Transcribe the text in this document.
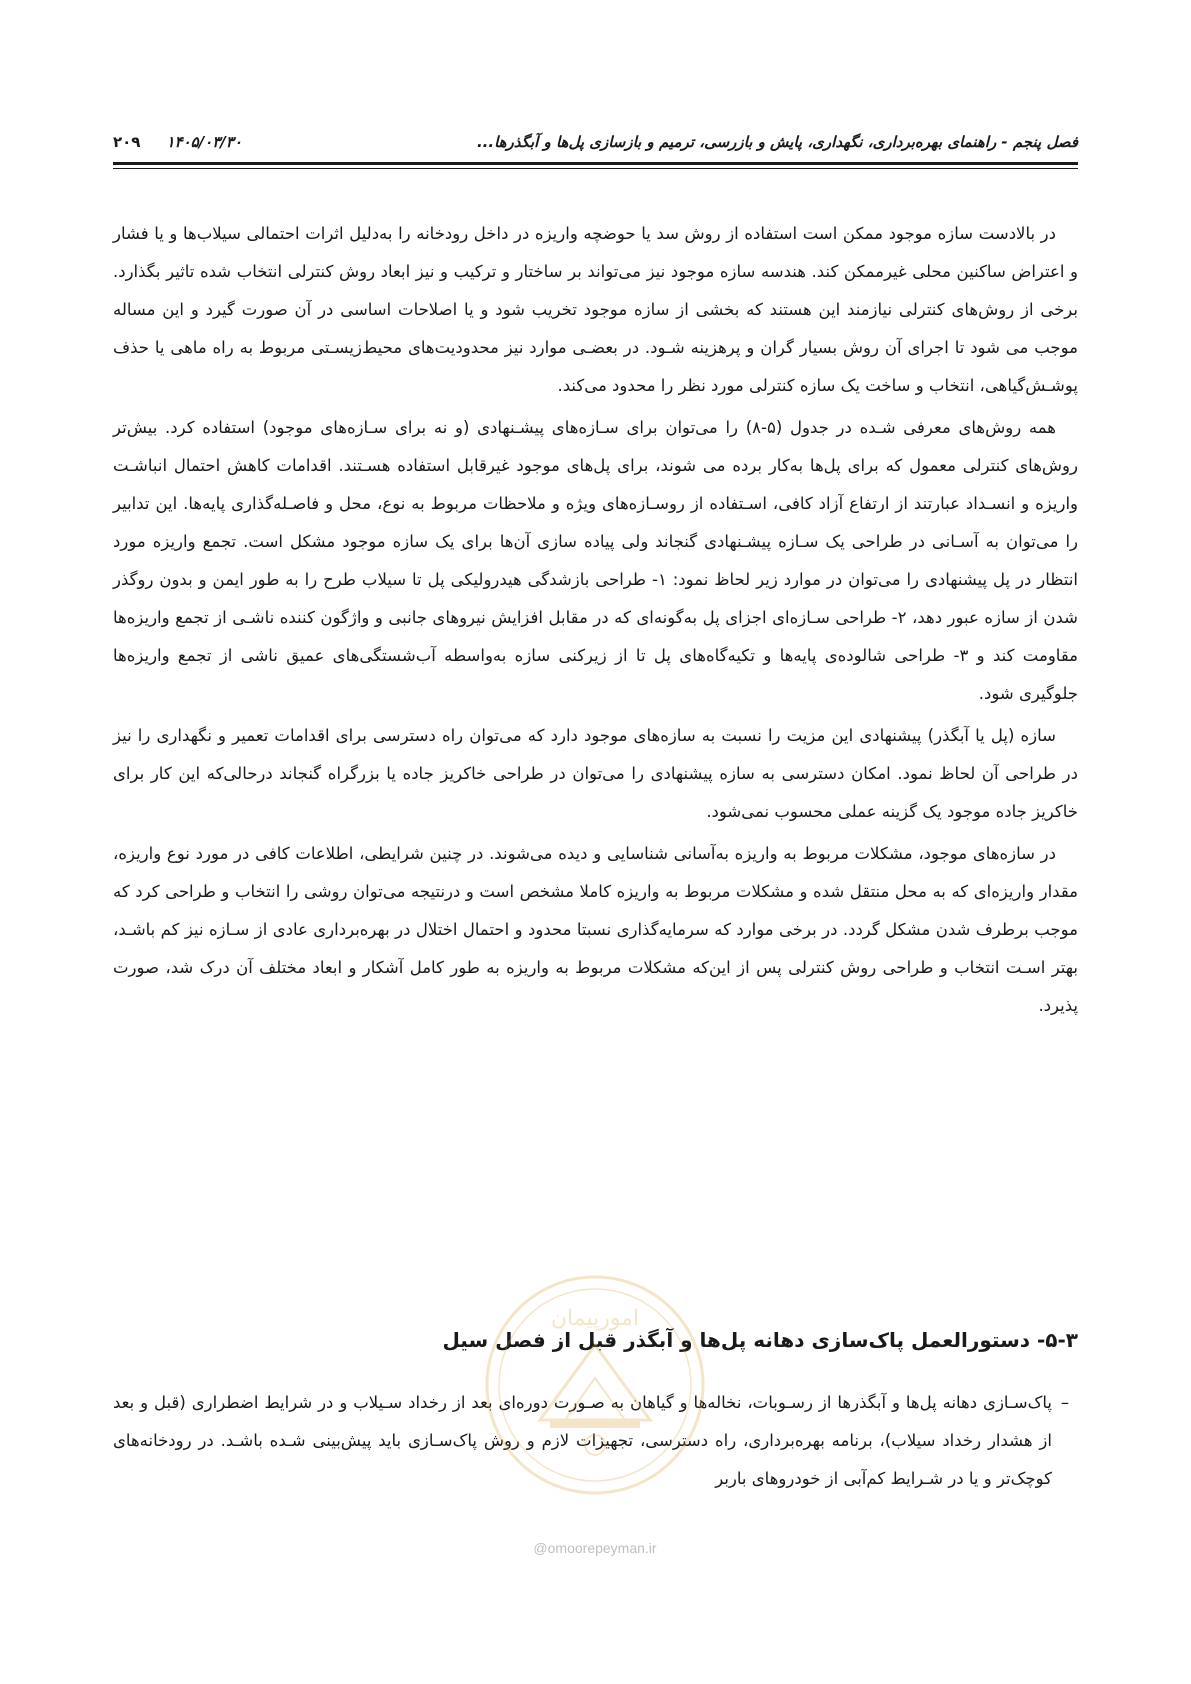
فصل پنجم - راهنمای بهره‌برداری، نگهداری، پایش و بازرسی، ترمیم و بازسازی پل‌ها و آبگذرها...
۱۴۰۵/۰۳/۳۰
۲۰۹

در بالادست سازه موجود ممکن است استفاده از روش سد یا حوضچه واریزه در داخل رودخانه را به‌دلیل اثرات احتمالی سیلاب‌ها و یا فشار و اعتراض ساکنین محلی غیرممکن کند. هندسه سازه موجود نیز می‌تواند بر ساختار و ترکیب و نیز ابعاد روش کنترلی انتخاب شده تاثیر بگذارد. برخی از روش‌های کنترلی نیازمند این هستند که بخشی از سازه موجود تخریب شود و یا اصلاحات اساسی در آن صورت گیرد و این مساله موجب می شود تا اجرای آن روش بسیار گران و پرهزینه شـود. در بعضـی موارد نیز محدودیت‌های محیط‌زیسـتی مربوط به راه ماهی یا حذف پوشـش‌گیاهی، انتخاب و ساخت یک سازه کنترلی مورد نظر را محدود می‌کند.

همه روش‌های معرفی شـده در جدول (۵-۸) را می‌توان برای سـازه‌های پیشـنهادی (و نه برای سـازه‌های موجود) استفاده کرد. بیش‌تر روش‌های کنترلی معمول که برای پل‌ها به‌کار برده می شوند، برای پل‌های موجود غیرقابل استفاده هسـتند. اقدامات کاهش احتمال انباشـت واریزه و انسـداد عبارتند از ارتفاع آزاد کافی، اسـتفاده از روسـازه‌های ویژه و ملاحظات مربوط به نوع، محل و فاصـله‌گذاری پایه‌ها. این تدابیر را می‌توان به آسـانی در طراحی یک سـازه پیشـنهادی گنجاند ولی پیاده سازی آن‌ها برای یک سازه موجود مشکل است. تجمع واریزه مورد انتظار در پل پیشنهادی را می‌توان در موارد زیر لحاظ نمود: ۱- طراحی بازشدگی هیدرولیکی پل تا سیلاب طرح را به طور ایمن و بدون روگذر شدن از سازه عبور دهد، ۲- طراحی سـازه‌ای اجزای پل به‌گونه‌ای که در مقابل افزایش نیروهای جانبی و واژگون کننده ناشـی از تجمع واریزه‌ها مقاومت کند و ۳- طراحی شالوده‌ی پایه‌ها و تکیه‌گاه‌های پل تا از زیرکنی سازه به‌واسطه آب‌شستگی‌های عمیق ناشی از تجمع واریزه‌ها جلوگیری شود.

سازه (پل یا آبگذر) پیشنهادی این مزیت را نسبت به سازه‌های موجود دارد که می‌توان راه دسترسی برای اقدامات تعمیر و نگهداری را نیز در طراحی آن لحاظ نمود. امکان دسترسی به سازه پیشنهادی را می‌توان در طراحی خاکریز جاده یا بزرگراه گنجاند درحالی‌که این کار برای خاکریز جاده موجود یک گزینه عملی محسوب نمی‌شود.

در سازه‌های موجود، مشکلات مربوط به واریزه به‌آسانی شناسایی و دیده می‌شوند. در چنین شرایطی، اطلاعات کافی در مورد نوع واریزه، مقدار واریزه‌ای که به محل منتقل شده و مشکلات مربوط به واریزه کاملا مشخص است و درنتیجه می‌توان روشی را انتخاب و طراحی کرد که موجب برطرف شدن مشکل گردد. در برخی موارد که سرمایه‌گذاری نسبتا محدود و احتمال اختلال در بهره‌برداری عادی از سـازه نیز کم باشـد، بهتر اسـت انتخاب و طراحی روش کنترلی پس از این‌که مشکلات مربوط به واریزه به طور کامل آشکار و ابعاد مختلف آن درک شد، صورت پذیرد.

۵-۳- دستورالعمل پاک‌سازی دهانه پل‌ها و آبگذر قبل از فصل سیل
–

پاک‌سـازی دهانه پل‌ها و آبگذرها از رسـوبات، نخاله‌ها و گیاهان به صـورت دوره‌ای بعد از رخداد سـیلاب و در شرایط اضطراری (قبل و بعد از هشدار رخداد سیلاب)، برنامه بهره‌برداری، راه دسترسی، تجهیزات لازم و روش پاک‌سـازی باید پیش‌بینی شـده باشـد. در رودخانه‌های کوچک‌تر و یا در شـرایط کم‌آبی از خودروهای باربر

امورپیمان
@omoorepeyman.ir
